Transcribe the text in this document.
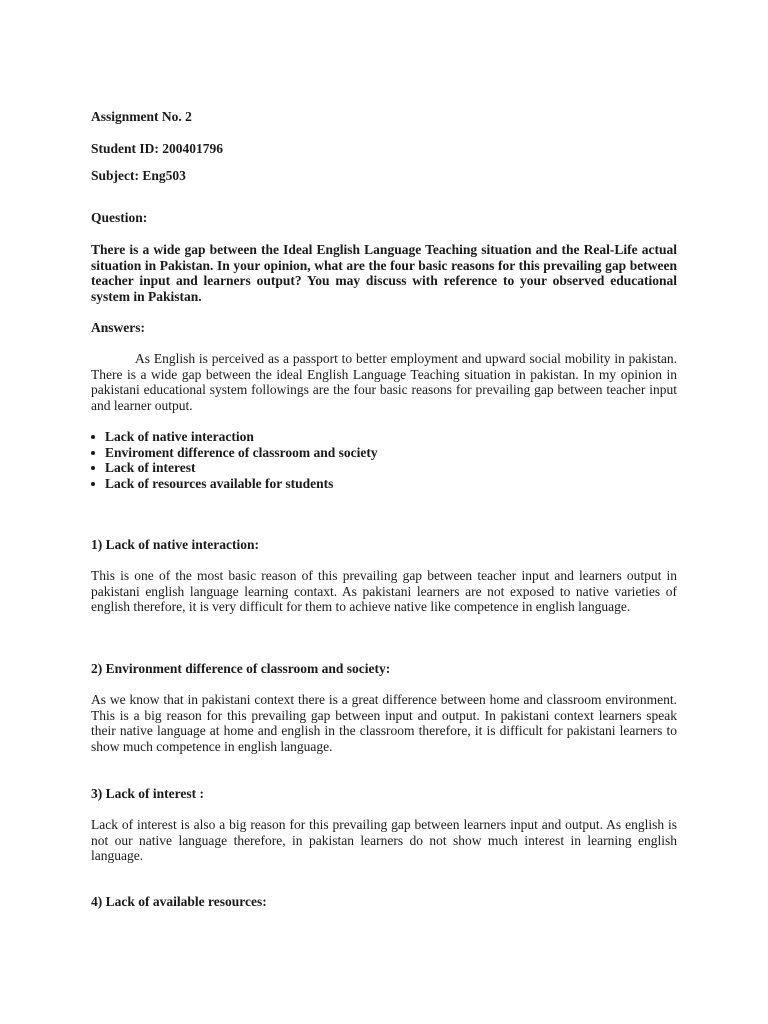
Assignment No. 2
Student ID: 200401796
Subject: Eng503
Question:
There is a wide gap between the Ideal English Language Teaching situation and the Real-Life actual situation in Pakistan. In your opinion, what are the four basic reasons for this prevailing gap between teacher input and learners output? You may discuss with reference to your observed educational system in Pakistan.
Answers:
As English is perceived as a passport to better employment and upward social mobility in pakistan. There is a wide gap between the ideal English Language Teaching situation in pakistan. In my opinion in pakistani educational system followings are the four basic reasons for prevailing gap between teacher input and learner output.
Lack of native interaction
Enviroment difference of classroom and society
Lack of interest
Lack of resources available for students
1) Lack of native interaction:
This is one of the most basic reason of this prevailing gap between teacher input and learners output in pakistani english language learning contaxt. As pakistani learners are not exposed to native varieties of english therefore, it is very difficult for them to achieve native like competence in english language.
2) Environment difference of classroom and society:
As we know that in pakistani context there is a great difference between home and classroom environment. This is a big reason for this prevailing gap between input and output. In pakistani context learners speak their native language at home and english in the classroom therefore, it is difficult for pakistani learners to show much competence in english language.
3) Lack of interest :
Lack of interest is also a big reason for this prevailing gap between learners input and output. As english is not our native language therefore, in pakistan learners do not show much interest in learning english language.
4) Lack of available resources:
